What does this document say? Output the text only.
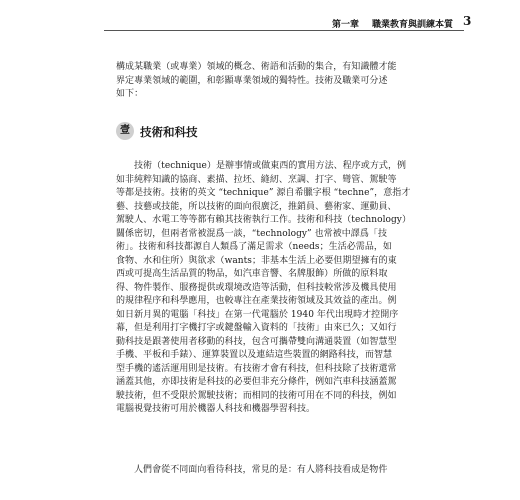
第一章 職業教育與訓練本質 3

構成某職業（或專業）領域的概念、術語和活動的集合，有知識體才能
界定專業領域的範圍，和彰顯專業領域的獨特性。技術及職業可分述
如下：

壹 技術和科技

技術（technique）是辦事情或做東西的實用方法、程序或方式，例
如非純粹知識的協商、素描、拉坯、縫紉、烹調、打字、彎管、駕駛等
等都是技術。技術的英文 “technique” 源自希臘字根 “techne”，意指才
藝、技藝或技能，所以技術的面向很廣泛，推銷員、藝術家、運動員、
駕駛人、水電工等等都有賴其技術執行工作。技術和科技（technology）
關係密切，但兩者常被混爲一談，“technology” 也常被中譯爲「技
術」。技術和科技都源自人類爲了滿足需求（needs；生活必需品，如
食物、水和住所）與欲求（wants；非基本生活上必要但期望擁有的東
西或可提高生活品質的物品，如汽車音響、名牌服飾）所做的原料取
得、物件製作、服務提供或環境改造等活動，但科技較常涉及機具使用
的規律程序和科學應用，也較專注在產業技術領域及其效益的產出。例
如日新月異的電腦「科技」在第一代電腦於 1940 年代出現時才控開序
幕，但是利用打字機打字或鍵盤輸入資料的「技術」由來已久；又如行
動科技是跟著使用者移動的科技，包含可攜帶雙向溝通裝置（如智慧型
手機、平板和手錶）、運算裝置以及連結這些裝置的網路科技，而智慧
型手機的遙活運用則是技術。有技術才會有科技，但科技除了技術還常
涵蓋其他，亦即技術是科技的必要但非充分條件，例如汽車科技涵蓋駕
駛技術，但不受限於駕駛技術；而相同的技術可用在不同的科技，例如
電腦視覺技術可用於機器人科技和機器學習科技。

人們會從不同面向看待科技，常見的是：有人將科技看成是物件
